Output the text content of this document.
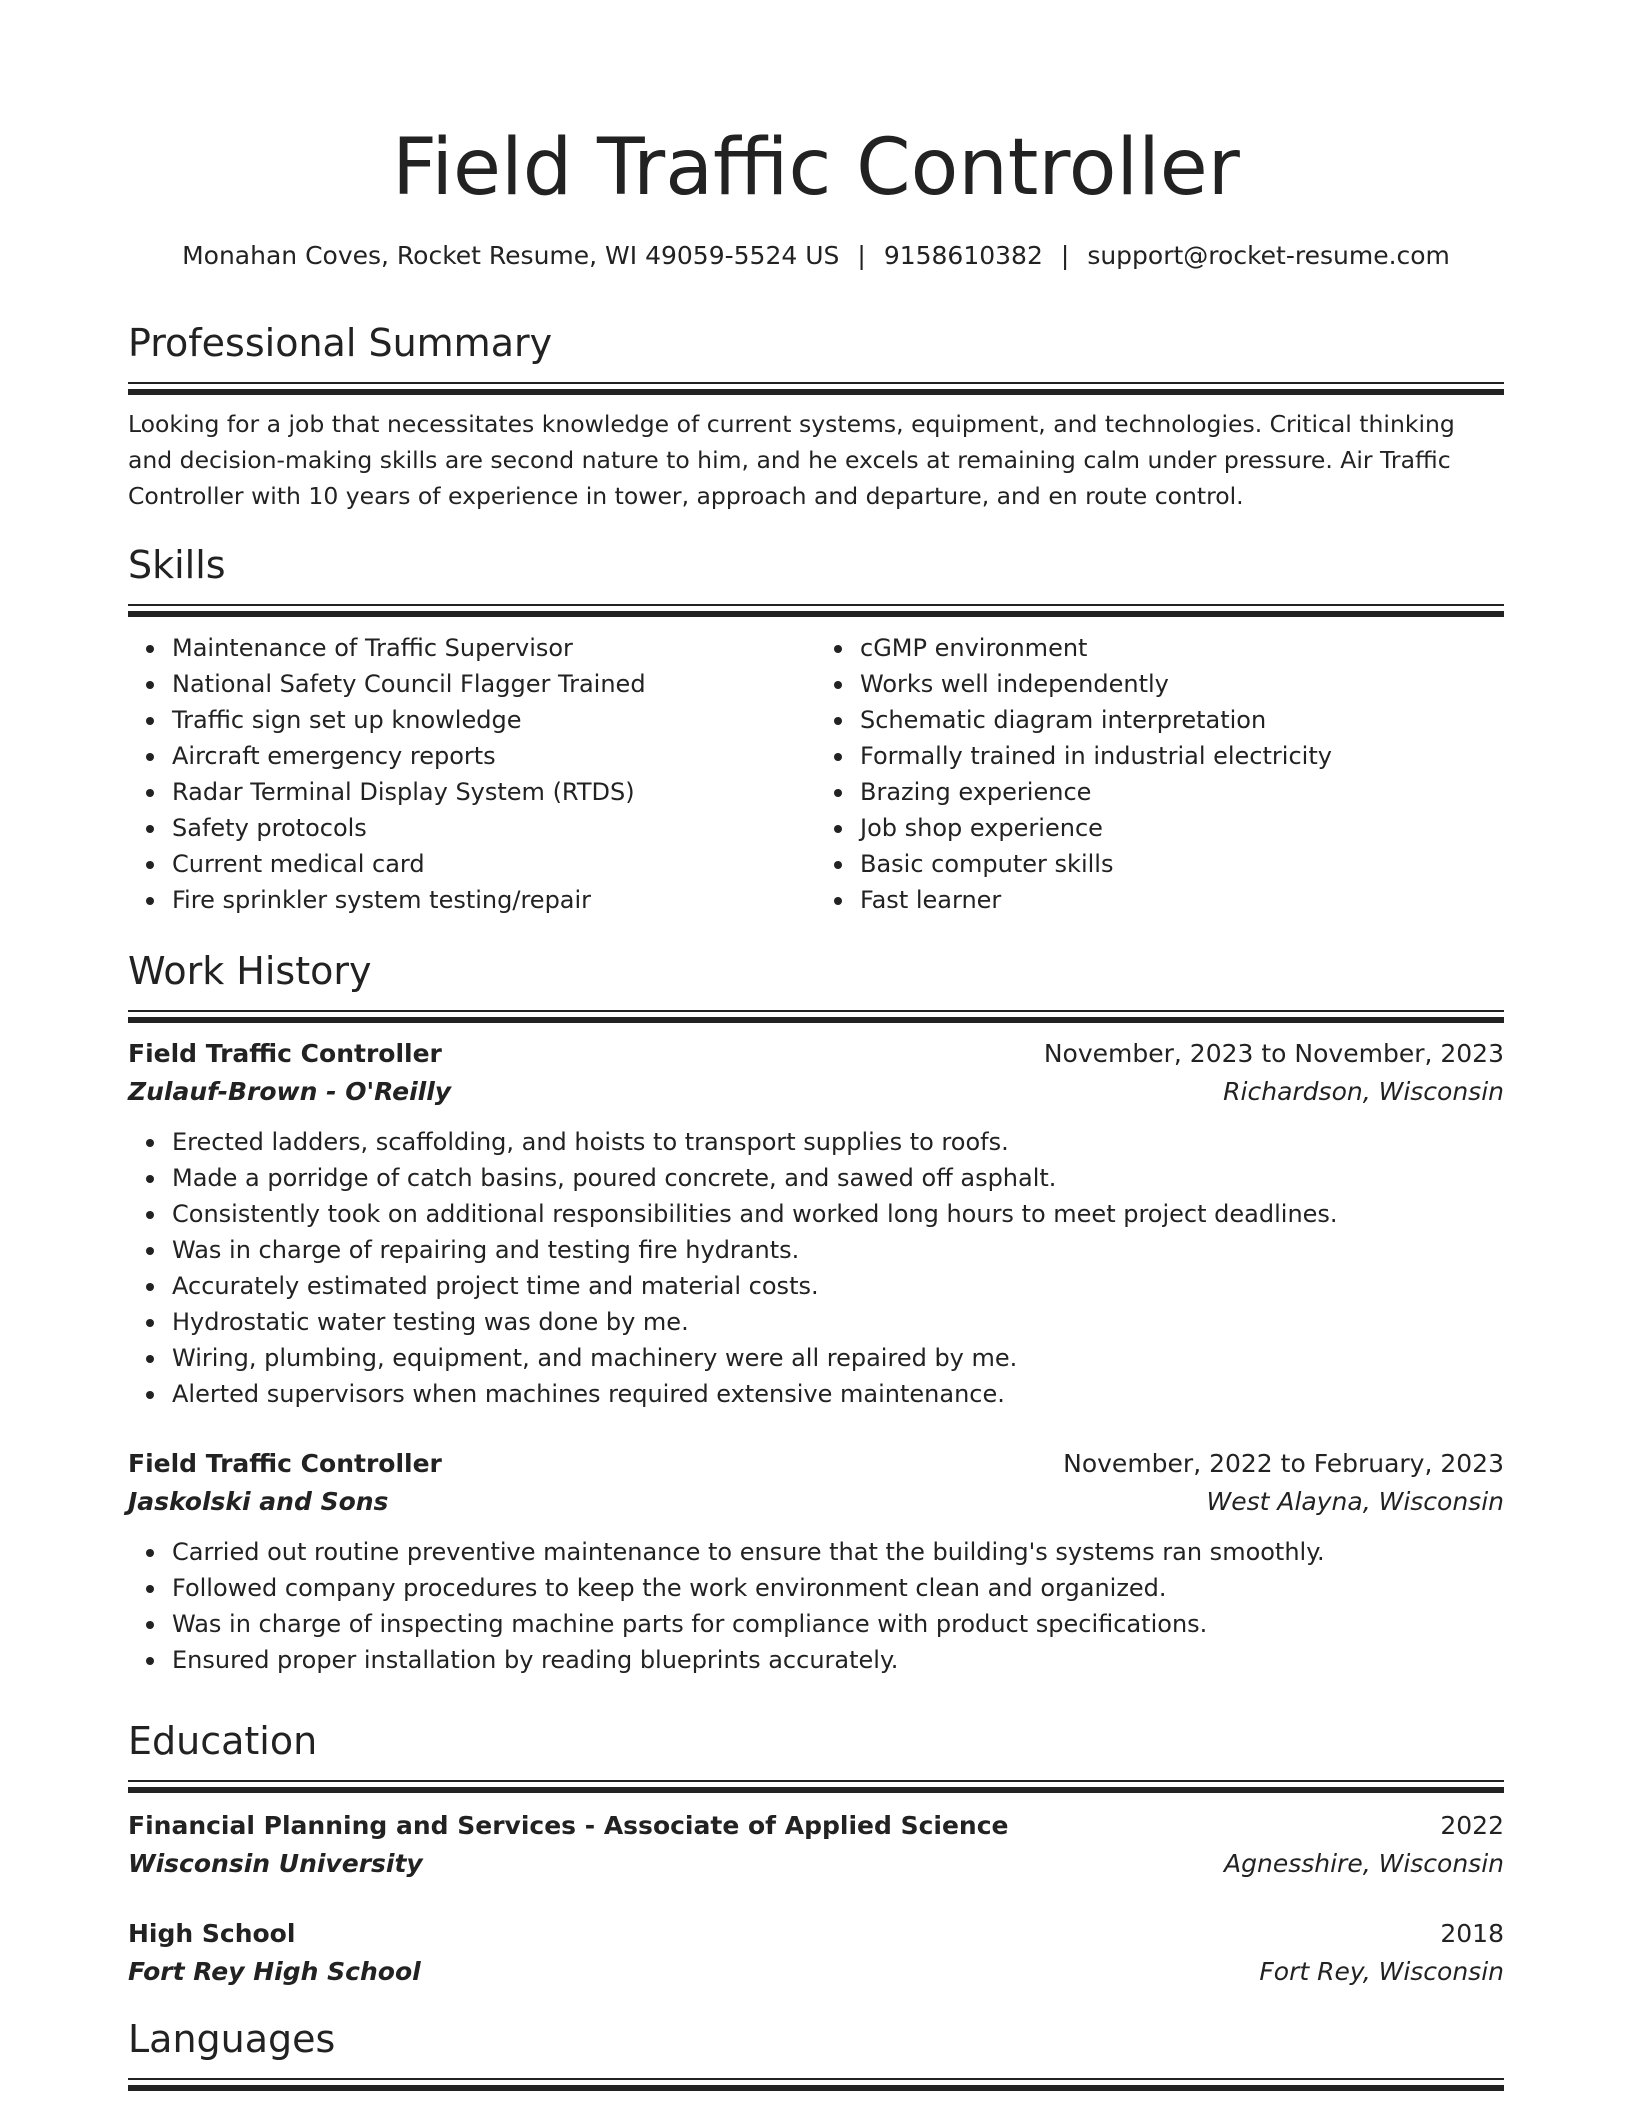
Field Traffic Controller
Monahan Coves, Rocket Resume, WI 49059-5524 US | 9158610382 | support@rocket-resume.com
Professional Summary

Looking for a job that necessitates knowledge of current systems, equipment, and technologies. Critical thinking and decision-making skills are second nature to him, and he excels at remaining calm under pressure. Air Traffic Controller with 10 years of experience in tower, approach and departure, and en route control.

Skills
Maintenance of Traffic Supervisor
National Safety Council Flagger Trained
Traffic sign set up knowledge
Aircraft emergency reports
Radar Terminal Display System (RTDS)
Safety protocols
Current medical card
Fire sprinkler system testing/repair
cGMP environment
Works well independently
Schematic diagram interpretation
Formally trained in industrial electricity
Brazing experience
Job shop experience
Basic computer skills
Fast learner
Work History
Field Traffic Controller	November, 2023 to November, 2023
Zulauf-Brown - O'Reilly	Richardson, Wisconsin
Erected ladders, scaffolding, and hoists to transport supplies to roofs.
Made a porridge of catch basins, poured concrete, and sawed off asphalt.
Consistently took on additional responsibilities and worked long hours to meet project deadlines.
Was in charge of repairing and testing fire hydrants.
Accurately estimated project time and material costs.
Hydrostatic water testing was done by me.
Wiring, plumbing, equipment, and machinery were all repaired by me.
Alerted supervisors when machines required extensive maintenance.
Field Traffic Controller	November, 2022 to February, 2023
Jaskolski and Sons	West Alayna, Wisconsin
Carried out routine preventive maintenance to ensure that the building's systems ran smoothly.
Followed company procedures to keep the work environment clean and organized.
Was in charge of inspecting machine parts for compliance with product specifications.
Ensured proper installation by reading blueprints accurately.
Education
Financial Planning and Services - Associate of Applied Science	2022
Wisconsin University	Agnesshire, Wisconsin
High School	2018
Fort Rey High School	Fort Rey, Wisconsin
Languages
